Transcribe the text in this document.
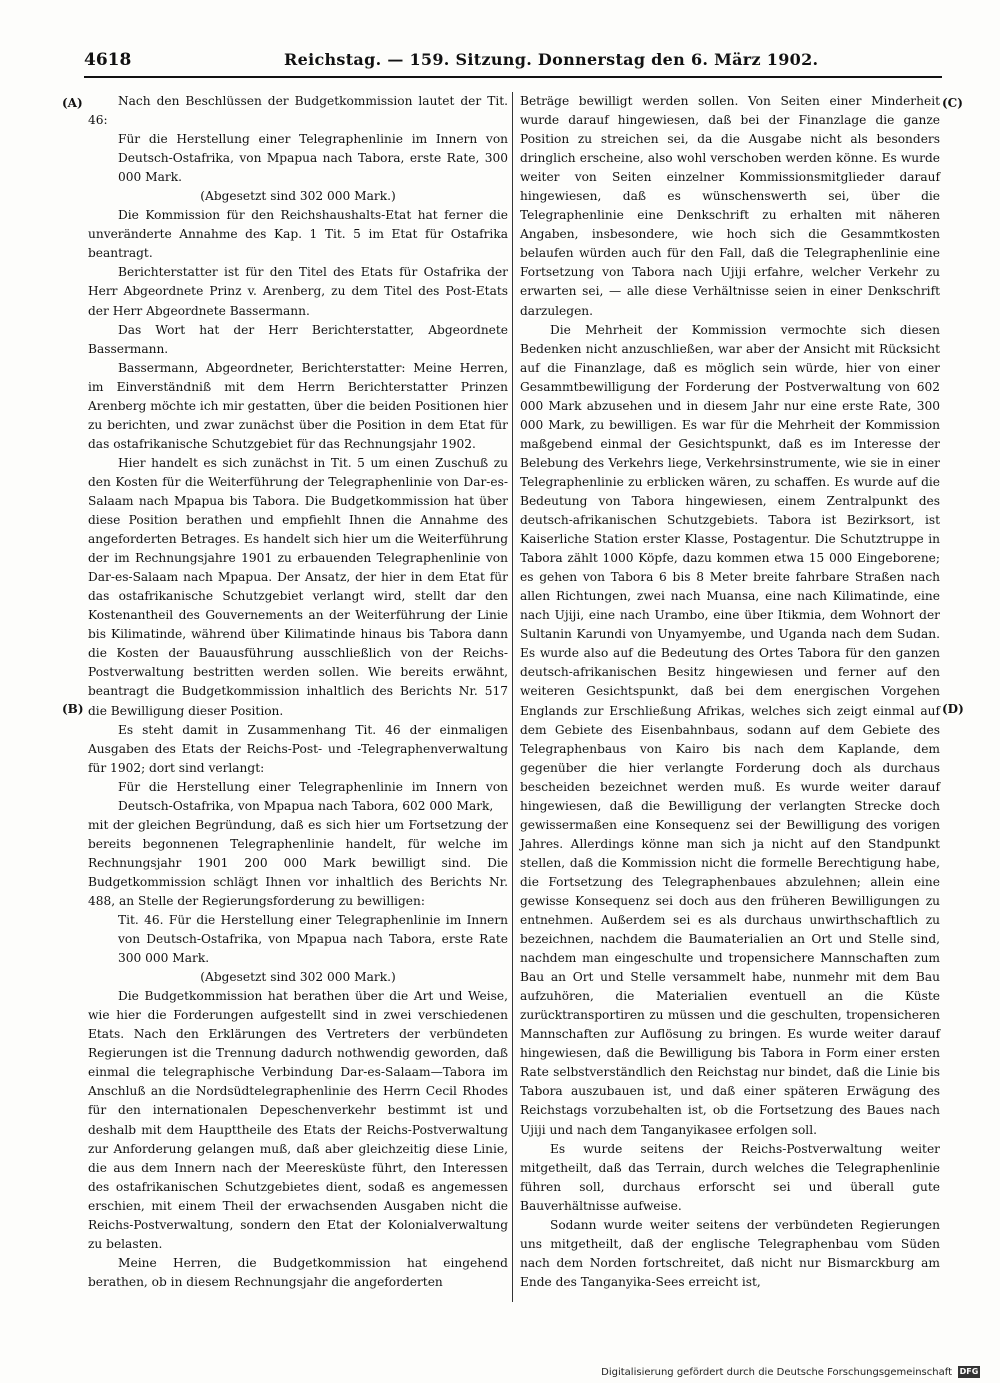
4618	Reichstag. — 159. Sitzung. Donnerstag den 6. März 1902.
(A)
(B)
(C)
(D)

Nach den Beschlüssen der Budgetkommission lautet der Tit. 46:

Für die Herstellung einer Telegraphenlinie im Innern von Deutsch-Ostafrika, von Mpapua nach Tabora, erste Rate, 300 000 Mark.

(Abgesetzt sind 302 000 Mark.)

Die Kommission für den Reichshaushalts-Etat hat ferner die unveränderte Annahme des Kap. 1 Tit. 5 im Etat für Ostafrika beantragt.

Berichterstatter ist für den Titel des Etats für Ostafrika der Herr Abgeordnete Prinz v. Arenberg, zu dem Titel des Post-Etats der Herr Abgeordnete Bassermann.

Das Wort hat der Herr Berichterstatter, Abgeordnete Bassermann.

Bassermann, Abgeordneter, Berichterstatter: Meine Herren, im Einverständniß mit dem Herrn Berichterstatter Prinzen Arenberg möchte ich mir gestatten, über die beiden Positionen hier zu berichten, und zwar zunächst über die Position in dem Etat für das ostafrikanische Schutzgebiet für das Rechnungsjahr 1902.

Hier handelt es sich zunächst in Tit. 5 um einen Zuschuß zu den Kosten für die Weiterführung der Telegraphenlinie von Dar-es-Salaam nach Mpapua bis Tabora. Die Budgetkommission hat über diese Position berathen und empfiehlt Ihnen die Annahme des angeforderten Betrages. Es handelt sich hier um die Weiterführung der im Rechnungsjahre 1901 zu erbauenden Telegraphenlinie von Dar-es-Salaam nach Mpapua. Der Ansatz, der hier in dem Etat für das ostafrikanische Schutzgebiet verlangt wird, stellt dar den Kostenantheil des Gouvernements an der Weiterführung der Linie bis Kilimatinde, während über Kilimatinde hinaus bis Tabora dann die Kosten der Bauausführung ausschließlich von der Reichs-Postverwaltung bestritten werden sollen. Wie bereits erwähnt, beantragt die Budgetkommission inhaltlich des Berichts Nr. 517 die Bewilligung dieser Position.

Es steht damit in Zusammenhang Tit. 46 der einmaligen Ausgaben des Etats der Reichs-Post- und -Telegraphenverwaltung für 1902; dort sind verlangt:

Für die Herstellung einer Telegraphenlinie im Innern von Deutsch-Ostafrika, von Mpapua nach Tabora, 602 000 Mark,

mit der gleichen Begründung, daß es sich hier um Fortsetzung der bereits begonnenen Telegraphenlinie handelt, für welche im Rechnungsjahr 1901 200 000 Mark bewilligt sind. Die Budgetkommission schlägt Ihnen vor inhaltlich des Berichts Nr. 488, an Stelle der Regierungsforderung zu bewilligen:

Tit. 46. Für die Herstellung einer Telegraphenlinie im Innern von Deutsch-Ostafrika, von Mpapua nach Tabora, erste Rate 300 000 Mark.

(Abgesetzt sind 302 000 Mark.)

Die Budgetkommission hat berathen über die Art und Weise, wie hier die Forderungen aufgestellt sind in zwei verschiedenen Etats. Nach den Erklärungen des Vertreters der verbündeten Regierungen ist die Trennung dadurch nothwendig geworden, daß einmal die telegraphische Verbindung Dar-es-Salaam—Tabora im Anschluß an die Nordsüdtelegraphenlinie des Herrn Cecil Rhodes für den internationalen Depeschenverkehr bestimmt ist und deshalb mit dem Haupttheile des Etats der Reichs-Postverwaltung zur Anforderung gelangen muß, daß aber gleichzeitig diese Linie, die aus dem Innern nach der Meeresküste führt, den Interessen des ostafrikanischen Schutzgebietes dient, sodaß es angemessen erschien, mit einem Theil der erwachsenden Ausgaben nicht die Reichs-Postverwaltung, sondern den Etat der Kolonialverwaltung zu belasten.

Meine Herren, die Budgetkommission hat eingehend berathen, ob in diesem Rechnungsjahr die angeforderten

Beträge bewilligt werden sollen. Von Seiten einer Minderheit wurde darauf hingewiesen, daß bei der Finanzlage die ganze Position zu streichen sei, da die Ausgabe nicht als besonders dringlich erscheine, also wohl verschoben werden könne. Es wurde weiter von Seiten einzelner Kommissionsmitglieder darauf hingewiesen, daß es wünschenswerth sei, über die Telegraphenlinie eine Denkschrift zu erhalten mit näheren Angaben, insbesondere, wie hoch sich die Gesammtkosten belaufen würden auch für den Fall, daß die Telegraphenlinie eine Fortsetzung von Tabora nach Ujiji erfahre, welcher Verkehr zu erwarten sei, — alle diese Verhältnisse seien in einer Denkschrift darzulegen.

Die Mehrheit der Kommission vermochte sich diesen Bedenken nicht anzuschließen, war aber der Ansicht mit Rücksicht auf die Finanzlage, daß es möglich sein würde, hier von einer Gesammtbewilligung der Forderung der Postverwaltung von 602 000 Mark abzusehen und in diesem Jahr nur eine erste Rate, 300 000 Mark, zu bewilligen. Es war für die Mehrheit der Kommission maßgebend einmal der Gesichtspunkt, daß es im Interesse der Belebung des Verkehrs liege, Verkehrsinstrumente, wie sie in einer Telegraphenlinie zu erblicken wären, zu schaffen. Es wurde auf die Bedeutung von Tabora hingewiesen, einem Zentralpunkt des deutsch-afrikanischen Schutzgebiets. Tabora ist Bezirksort, ist Kaiserliche Station erster Klasse, Postagentur. Die Schutztruppe in Tabora zählt 1000 Köpfe, dazu kommen etwa 15 000 Eingeborene; es gehen von Tabora 6 bis 8 Meter breite fahrbare Straßen nach allen Richtungen, zwei nach Muansa, eine nach Kilimatinde, eine nach Ujiji, eine nach Urambo, eine über Itikmia, dem Wohnort der Sultanin Karundi von Unyamyembe, und Uganda nach dem Sudan. Es wurde also auf die Bedeutung des Ortes Tabora für den ganzen deutsch-afrikanischen Besitz hingewiesen und ferner auf den weiteren Gesichtspunkt, daß bei dem energischen Vorgehen Englands zur Erschließung Afrikas, welches sich zeigt einmal auf dem Gebiete des Eisenbahnbaus, sodann auf dem Gebiete des Telegraphenbaus von Kairo bis nach dem Kaplande, dem gegenüber die hier verlangte Forderung doch als durchaus bescheiden bezeichnet werden muß. Es wurde weiter darauf hingewiesen, daß die Bewilligung der verlangten Strecke doch gewissermaßen eine Konsequenz sei der Bewilligung des vorigen Jahres. Allerdings könne man sich ja nicht auf den Standpunkt stellen, daß die Kommission nicht die formelle Berechtigung habe, die Fortsetzung des Telegraphenbaues abzulehnen; allein eine gewisse Konsequenz sei doch aus den früheren Bewilligungen zu entnehmen. Außerdem sei es als durchaus unwirthschaftlich zu bezeichnen, nachdem die Baumaterialien an Ort und Stelle sind, nachdem man eingeschulte und tropensichere Mannschaften zum Bau an Ort und Stelle versammelt habe, nunmehr mit dem Bau aufzuhören, die Materialien eventuell an die Küste zurücktransportiren zu müssen und die geschulten, tropensicheren Mannschaften zur Auflösung zu bringen. Es wurde weiter darauf hingewiesen, daß die Bewilligung bis Tabora in Form einer ersten Rate selbstverständlich den Reichstag nur bindet, daß die Linie bis Tabora auszubauen ist, und daß einer späteren Erwägung des Reichstags vorzubehalten ist, ob die Fortsetzung des Baues nach Ujiji und nach dem Tanganyikasee erfolgen soll.

Es wurde seitens der Reichs-Postverwaltung weiter mitgetheilt, daß das Terrain, durch welches die Telegraphenlinie führen soll, durchaus erforscht sei und überall gute Bauverhältnisse aufweise.

Sodann wurde weiter seitens der verbündeten Regierungen uns mitgetheilt, daß der englische Telegraphenbau vom Süden nach dem Norden fortschreitet, daß nicht nur Bismarckburg am Ende des Tanganyika-Sees erreicht ist,

Digitalisierung gefördert durch die Deutsche Forschungsgemeinschaft DFG
